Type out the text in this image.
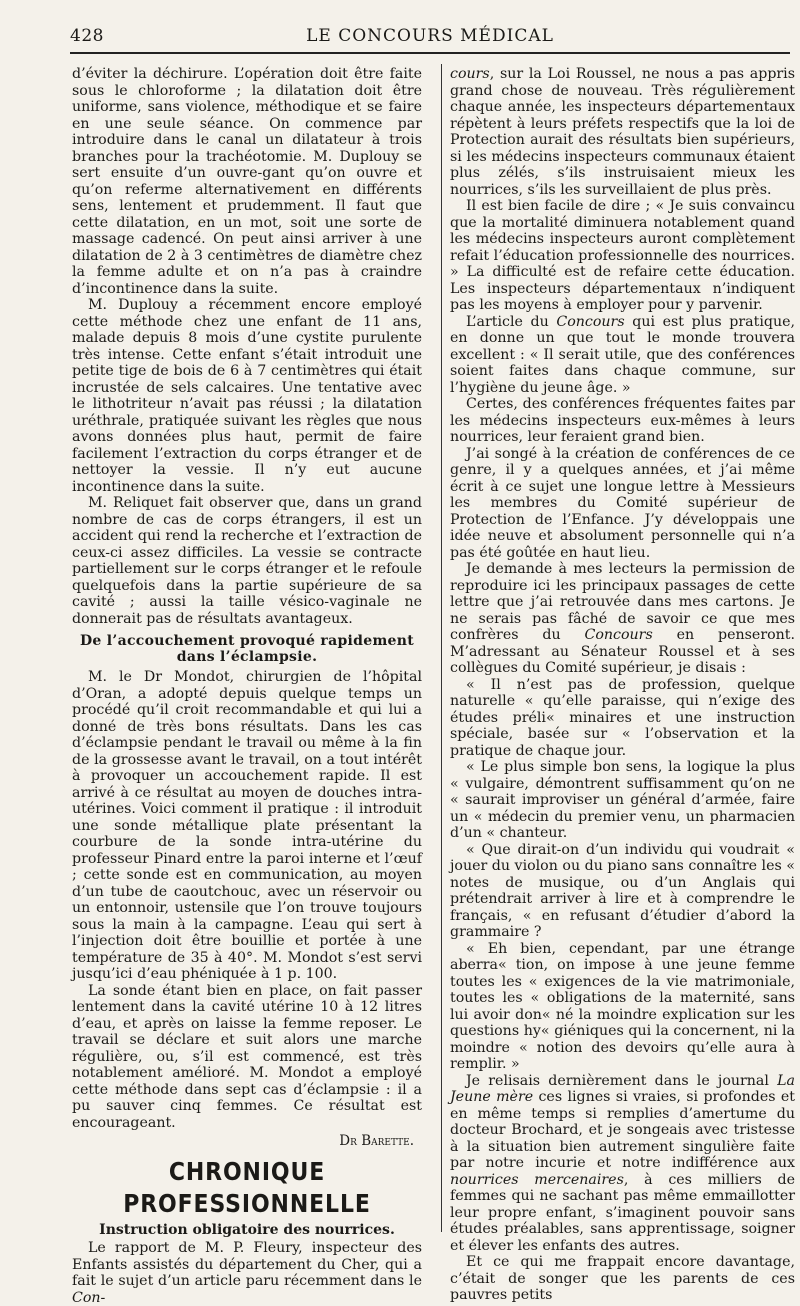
428	LE CONCOURS MÉDICAL

d’éviter la déchirure. L’opération doit être faite sous le chloroforme ; la dilatation doit être uniforme, sans violence, méthodique et se faire en une seule séance. On commence par introduire dans le canal un dilatateur à trois branches pour la trachéotomie. M. Duplouy se sert ensuite d’un ouvre-gant qu’on ouvre et qu’on referme alternativement en différents sens, lentement et prudemment. Il faut que cette dilatation, en un mot, soit une sorte de massage cadencé. On peut ainsi arriver à une dilatation de 2 à 3 centimètres de diamètre chez la femme adulte et on n’a pas à craindre d’incontinence dans la suite.

M. Duplouy a récemment encore employé cette méthode chez une enfant de 11 ans, malade depuis 8 mois d’une cystite purulente très intense. Cette enfant s’était introduit une petite tige de bois de 6 à 7 centimètres qui était incrustée de sels calcaires. Une tentative avec le lithotriteur n’avait pas réussi ; la dilatation uréthrale, pratiquée suivant les règles que nous avons données plus haut, permit de faire facilement l’extraction du corps étranger et de nettoyer la vessie. Il n’y eut aucune incontinence dans la suite.

M. Reliquet fait observer que, dans un grand nombre de cas de corps étrangers, il est un accident qui rend la recherche et l’extraction de ceux-ci assez difficiles. La vessie se contracte partiellement sur le corps étranger et le refoule quelquefois dans la partie supérieure de sa cavité ; aussi la taille vésico-vaginale ne donnerait pas de résultats avantageux.

De l’accouchement provoqué rapidement dans l’éclampsie.

M. le Dr Mondot, chirurgien de l’hôpital d’Oran, a adopté depuis quelque temps un procédé qu’il croit recommandable et qui lui a donné de très bons résultats. Dans les cas d’éclampsie pendant le travail ou même à la fin de la grossesse avant le travail, on a tout intérêt à provoquer un accouchement rapide. Il est arrivé à ce résultat au moyen de douches intra-utérines. Voici comment il pratique : il introduit une sonde métallique plate présentant la courbure de la sonde intra-utérine du professeur Pinard entre la paroi interne et l’œuf ; cette sonde est en communication, au moyen d’un tube de caoutchouc, avec un réservoir ou un entonnoir, ustensile que l’on trouve toujours sous la main à la campagne. L’eau qui sert à l’injection doit être bouillie et portée à une température de 35 à 40°. M. Mondot s’est servi jusqu’ici d’eau phéniquée à 1 p. 100.

La sonde étant bien en place, on fait passer lentement dans la cavité utérine 10 à 12 litres d’eau, et après on laisse la femme reposer. Le travail se déclare et suit alors une marche régulière, ou, s’il est commencé, est très notablement amélioré. M. Mondot a employé cette méthode dans sept cas d’éclampsie : il a pu sauver cinq femmes. Ce résultat est encourageant.

Dr Barette.
CHRONIQUE PROFESSIONNELLE
Instruction obligatoire des nourrices.

Le rapport de M. P. Fleury, inspecteur des Enfants assistés du département du Cher, qui a fait le sujet d’un article paru récemment dans le Con-

cours, sur la Loi Roussel, ne nous a pas appris grand chose de nouveau. Très régulièrement chaque année, les inspecteurs départementaux répètent à leurs préfets respectifs que la loi de Protection aurait des résultats bien supérieurs, si les médecins inspecteurs communaux étaient plus zélés, s’ils instruisaient mieux les nourrices, s’ils les surveillaient de plus près.

Il est bien facile de dire ; « Je suis convaincu que la mortalité diminuera notablement quand les médecins inspecteurs auront complètement refait l’éducation professionnelle des nourrices. » La difficulté est de refaire cette éducation. Les inspecteurs départementaux n’indiquent pas les moyens à employer pour y parvenir.

L’article du Concours qui est plus pratique, en donne un que tout le monde trouvera excellent : « Il serait utile, que des conférences soient faites dans chaque commune, sur l’hygiène du jeune âge. »

Certes, des conférences fréquentes faites par les médecins inspecteurs eux-mêmes à leurs nourrices, leur feraient grand bien.

J’ai songé à la création de conférences de ce genre, il y a quelques années, et j’ai même écrit à ce sujet une longue lettre à Messieurs les membres du Comité supérieur de Protection de l’Enfance. J’y développais une idée neuve et absolument personnelle qui n’a pas été goûtée en haut lieu.

Je demande à mes lecteurs la permission de reproduire ici les principaux passages de cette lettre que j’ai retrouvée dans mes cartons. Je ne serais pas fâché de savoir ce que mes confrères du Concours en penseront. M’adressant au Sénateur Roussel et à ses collègues du Comité supérieur, je disais :

« Il n’est pas de profession, quelque naturelle « qu’elle paraisse, qui n’exige des études préli« minaires et une instruction spéciale, basée sur « l’observation et la pratique de chaque jour.

« Le plus simple bon sens, la logique la plus « vulgaire, démontrent suffisamment qu’on ne « saurait improviser un général d’armée, faire un « médecin du premier venu, un pharmacien d’un « chanteur.

« Que dirait-on d’un individu qui voudrait « jouer du violon ou du piano sans connaître les « notes de musique, ou d’un Anglais qui prétendrait arriver à lire et à comprendre le français, « en refusant d’étudier d’abord la grammaire ?

« Eh bien, cependant, par une étrange aberra« tion, on impose à une jeune femme toutes les « exigences de la vie matrimoniale, toutes les « obligations de la maternité, sans lui avoir don« né la moindre explication sur les questions hy« giéniques qui la concernent, ni la moindre « notion des devoirs qu’elle aura à remplir. »

Je relisais dernièrement dans le journal La Jeune mère ces lignes si vraies, si profondes et en même temps si remplies d’amertume du docteur Brochard, et je songeais avec tristesse à la situation bien autrement singulière faite par notre incurie et notre indifférence aux nourrices mercenaires, à ces milliers de femmes qui ne sachant pas même emmaillotter leur propre enfant, s’imaginent pouvoir sans études préalables, sans apprentissage, soigner et élever les enfants des autres.

Et ce qui me frappait encore davantage, c’était de songer que les parents de ces pauvres petits
